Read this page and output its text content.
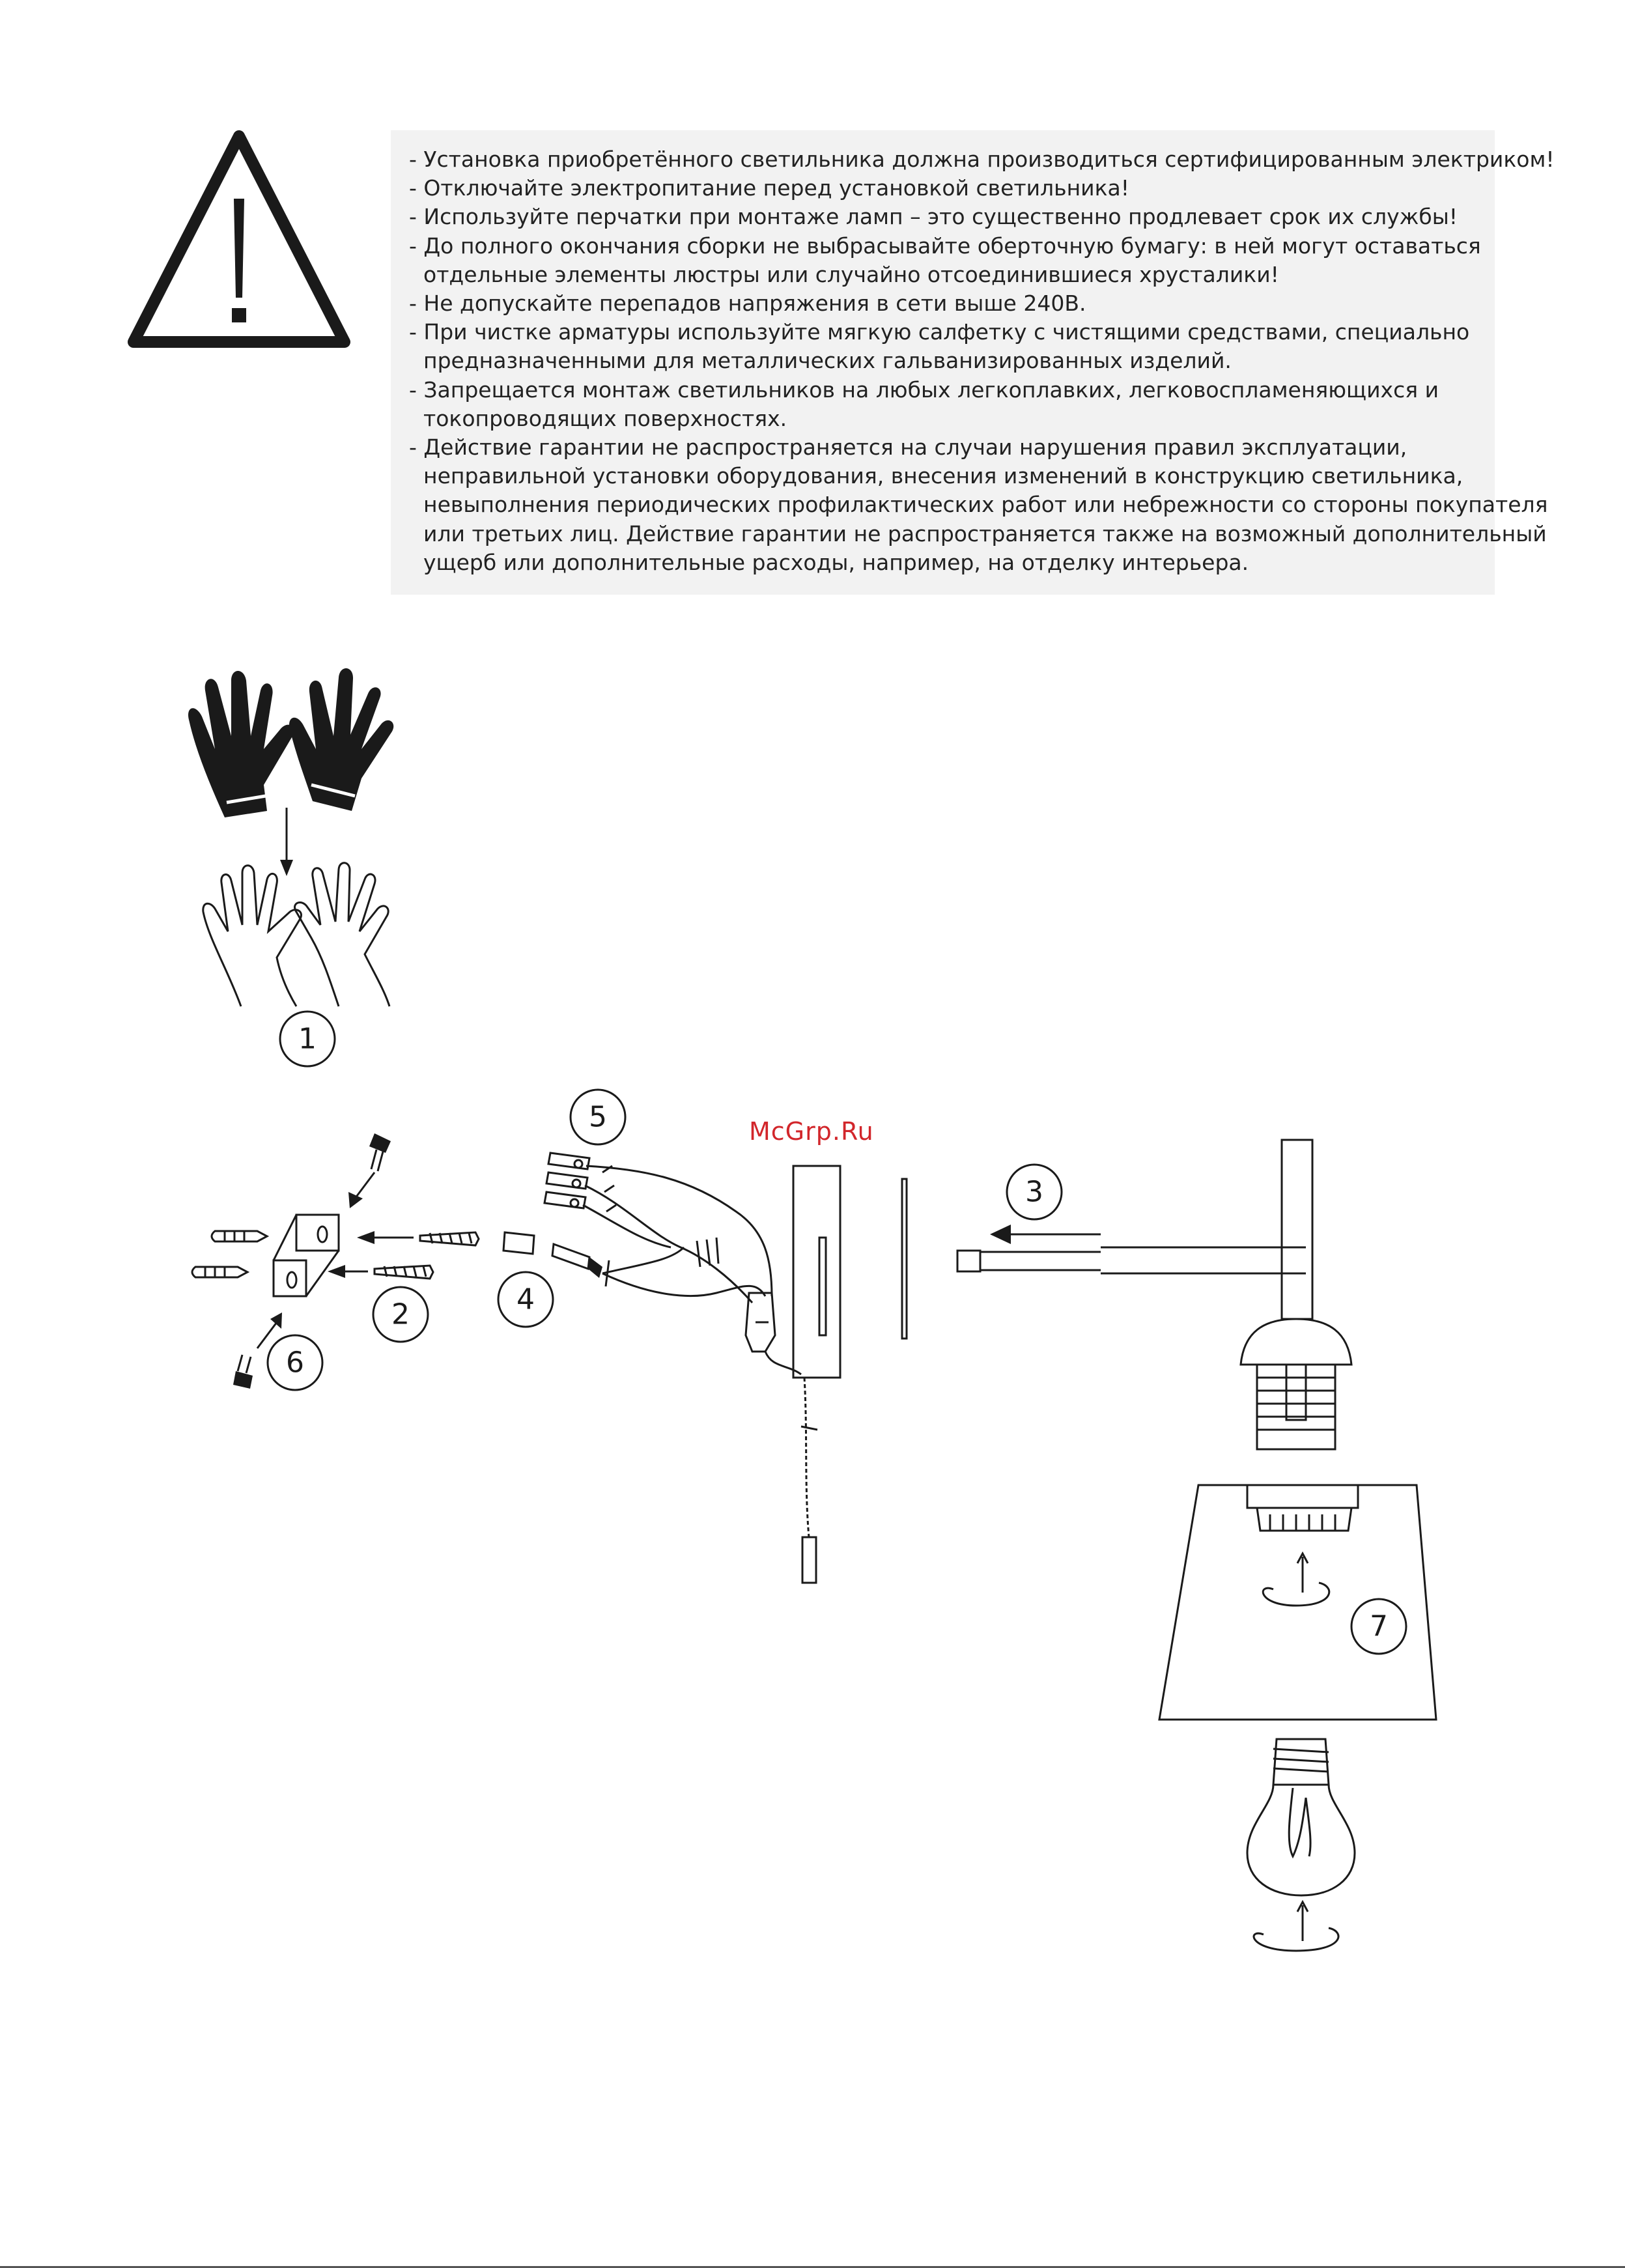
- Установка приобретённого светильника должна производиться сертифицированным электриком!
- Отключайте электропитание перед установкой светильника!
- Используйте перчатки при монтаже ламп – это существенно продлевает срок их службы!
- До полного окончания сборки не выбрасывайте оберточную бумагу: в ней могут оставаться
отдельные элементы люстры или случайно отсоединившиеся хрусталики!
- Не допускайте перепадов напряжения в сети выше 240В.
- При чистке арматуры используйте мягкую салфетку с чистящими средствами, специально
предназначенными для металлических гальванизированных изделий.
- Запрещается монтаж светильников на любых легкоплавких, легковоспламеняющихся и
токопроводящих поверхностях.
- Действие гарантии не распространяется на случаи нарушения правил эксплуатации,
неправильной установки оборудования, внесения изменений в конструкцию светильника,
невыполнения периодических профилактических работ или небрежности со стороны покупателя
или третьих лиц. Действие гарантии не распространяется также на возможный дополнительный
ущерб или дополнительные расходы, например, на отделку интерьера.
McGrp.Ru
1
2
3
4
5
6
7
